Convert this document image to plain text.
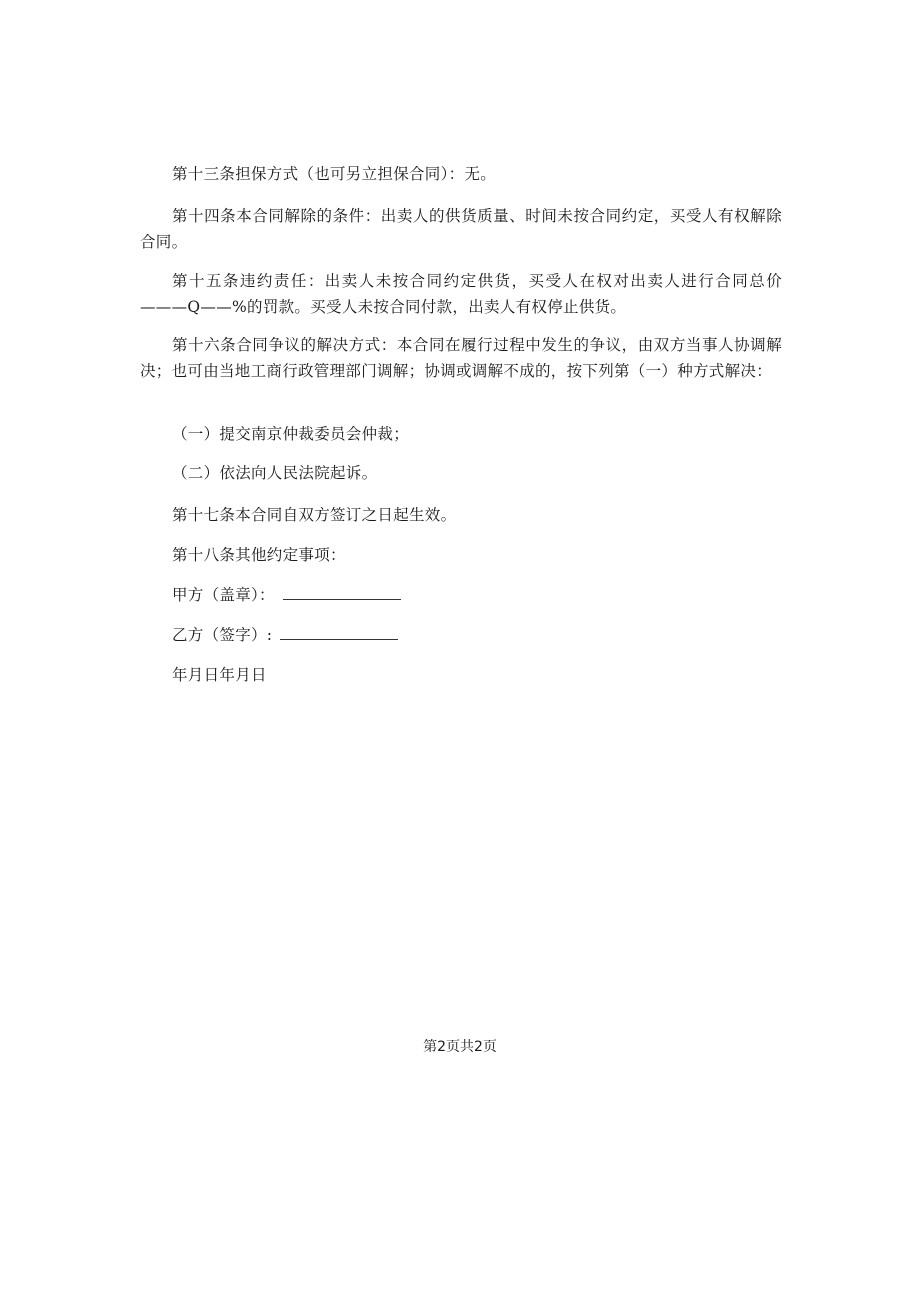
第十三条担保方式（也可另立担保合同）：无。

第十四条本合同解除的条件：出卖人的供货质量、时间未按合同约定，买受人有权解除合同。

第十五条违约责任：出卖人未按合同约定供货，买受人在权对出卖人进行合同总价———Q——%的罚款。买受人未按合同付款，出卖人有权停止供货。

第十六条合同争议的解决方式：本合同在履行过程中发生的争议，由双方当事人协调解决；也可由当地工商行政管理部门调解；协调或调解不成的，按下列第（一）种方式解决：

（一）提交南京仲裁委员会仲裁；

（二）依法向人民法院起诉。

第十七条本合同自双方签订之日起生效。

第十八条其他约定事项：

甲方（盖章）：

乙方（签字）:

年月日年月日

第2页共2页
